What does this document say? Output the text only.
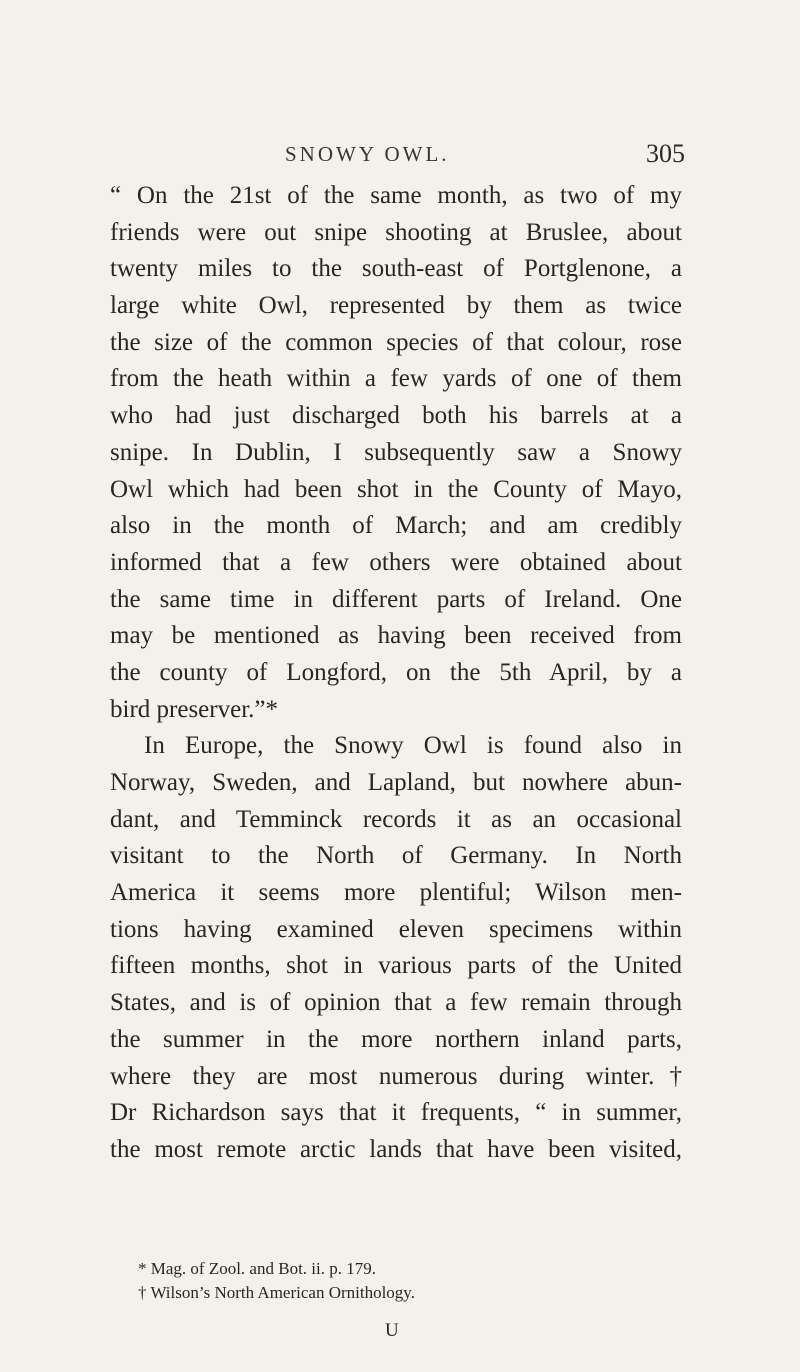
SNOWY OWL.	305
“ On the 21st of the same month, as two of my
friends were out snipe shooting at Bruslee, about
twenty miles to the south-east of Portglenone, a
large white Owl, represented by them as twice
the size of the common species of that colour, rose
from the heath within a few yards of one of them
who had just discharged both his barrels at a
snipe. In Dublin, I subsequently saw a Snowy
Owl which had been shot in the County of Mayo,
also in the month of March; and am credibly
informed that a few others were obtained about
the same time in different parts of Ireland. One
may be mentioned as having been received from
the county of Longford, on the 5th April, by a
bird preserver.”*
In Europe, the Snowy Owl is found also in
Norway, Sweden, and Lapland, but nowhere abun-
dant, and Temminck records it as an occasional
visitant to the North of Germany. In North
America it seems more plentiful; Wilson men-
tions having examined eleven specimens within
fifteen months, shot in various parts of the United
States, and is of opinion that a few remain through
the summer in the more northern inland parts,
where they are most numerous during winter.†
Dr Richardson says that it frequents, “ in summer,
the most remote arctic lands that have been visited,
* Mag. of Zool. and Bot. ii. p. 179.
† Wilson’s North American Ornithology.
U
